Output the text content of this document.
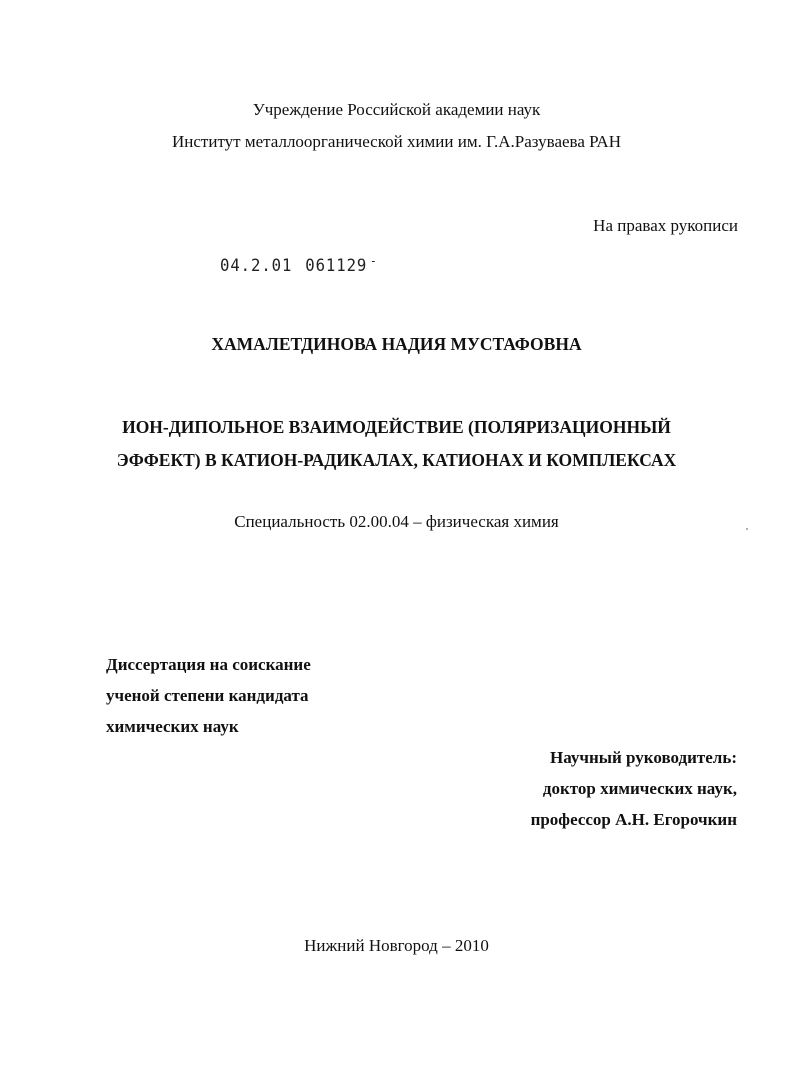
Учреждение Российской академии наук
Институт металлоорганической химии им. Г.А.Разуваева РАН
На правах рукописи
04.2.01 061129 -
ХАМАЛЕТДИНОВА НАДИЯ МУСТАФОВНА
ИОН-ДИПОЛЬНОЕ ВЗАИМОДЕЙСТВИЕ (ПОЛЯРИЗАЦИОННЫЙ
ЭФФЕКТ) В КАТИОН-РАДИКАЛАХ, КАТИОНАХ И КОМПЛЕКСАХ
Специальность 02.00.04 – физическая химия
Диссертация на соискание
ученой степени кандидата
химических наук
Научный руководитель:
доктор химических наук,
профессор А.Н. Егорочкин
Нижний Новгород – 2010
